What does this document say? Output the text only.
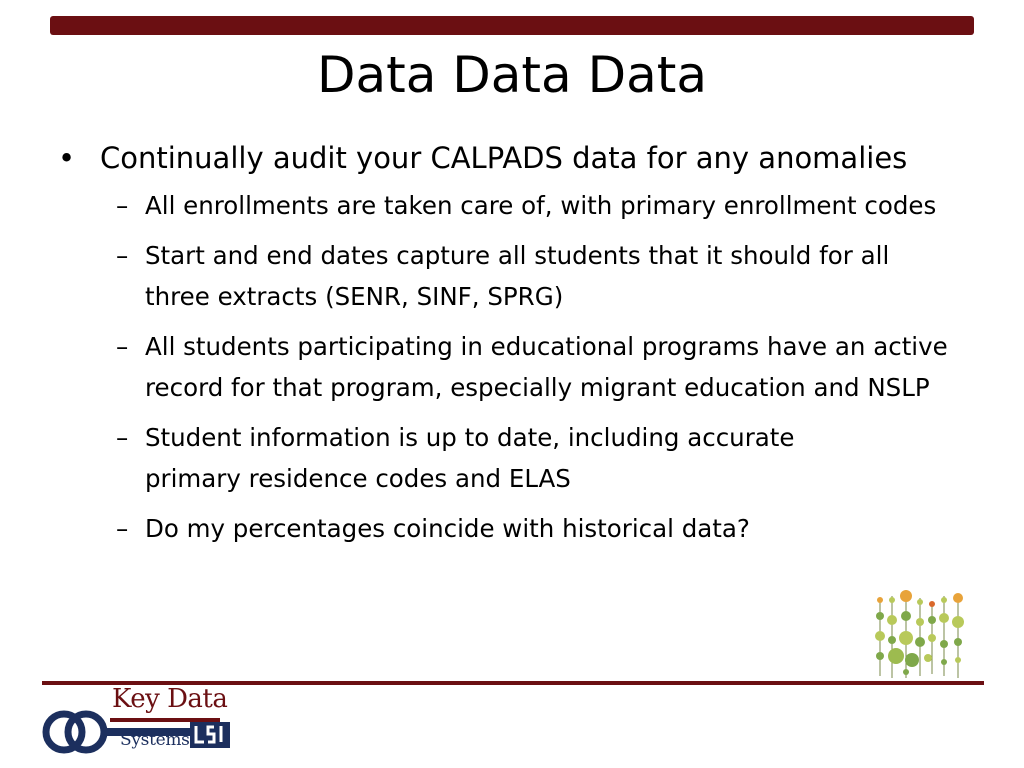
Data Data Data
• Continually audit your CALPADS data for any anomalies
– All enrollments are taken care of, with primary enrollment codes
– Start and end dates capture all students that it should for all three extracts (SENR, SINF, SPRG)
– All students participating in educational programs have an active record for that program, especially migrant education and NSLP
– Student information is up to date, including accurate primary residence codes and ELAS
– Do my percentages coincide with historical data?
Key Data
Systems
